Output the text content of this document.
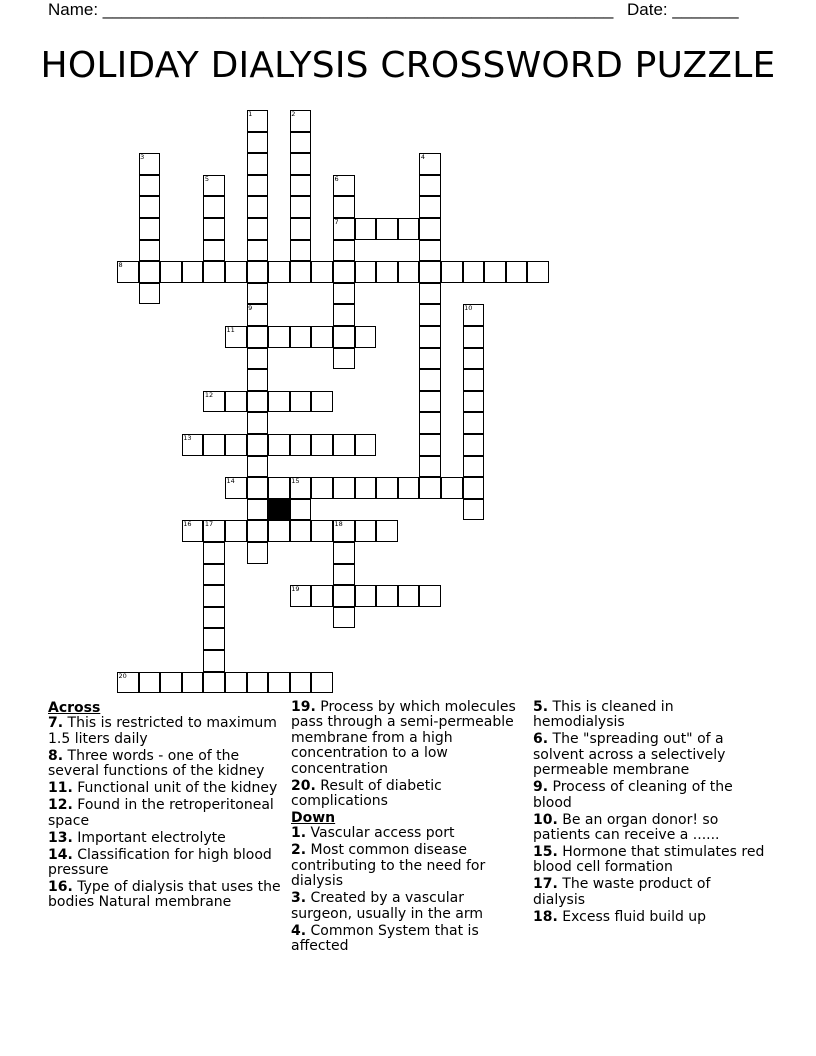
Name: ______________________________________________________ Date: _______
HOLIDAY DIALYSIS CROSSWORD PUZZLE
1	2
3	4
5	6
7
8
9	10
11
12
13
14	15
16 17	18
19
20
Across
7. This is restricted to maximum 1.5 liters daily
8. Three words - one of the several functions of the kidney
11. Functional unit of the kidney
12. Found in the retroperitoneal space
13. Important electrolyte
14. Classification for high blood pressure
16. Type of dialysis that uses the bodies Natural membrane
19. Process by which molecules pass through a semi-permeable membrane from a high concentration to a low concentration
20. Result of diabetic complications
Down
1. Vascular access port
2. Most common disease contributing to the need for dialysis
3. Created by a vascular surgeon, usually in the arm
4. Common System that is affected
5. This is cleaned in hemodialysis
6. The "spreading out" of a solvent across a selectively permeable membrane
9. Process of cleaning of the blood
10. Be an organ donor! so patients can receive a ......
15. Hormone that stimulates red blood cell formation
17. The waste product of dialysis
18. Excess fluid build up
